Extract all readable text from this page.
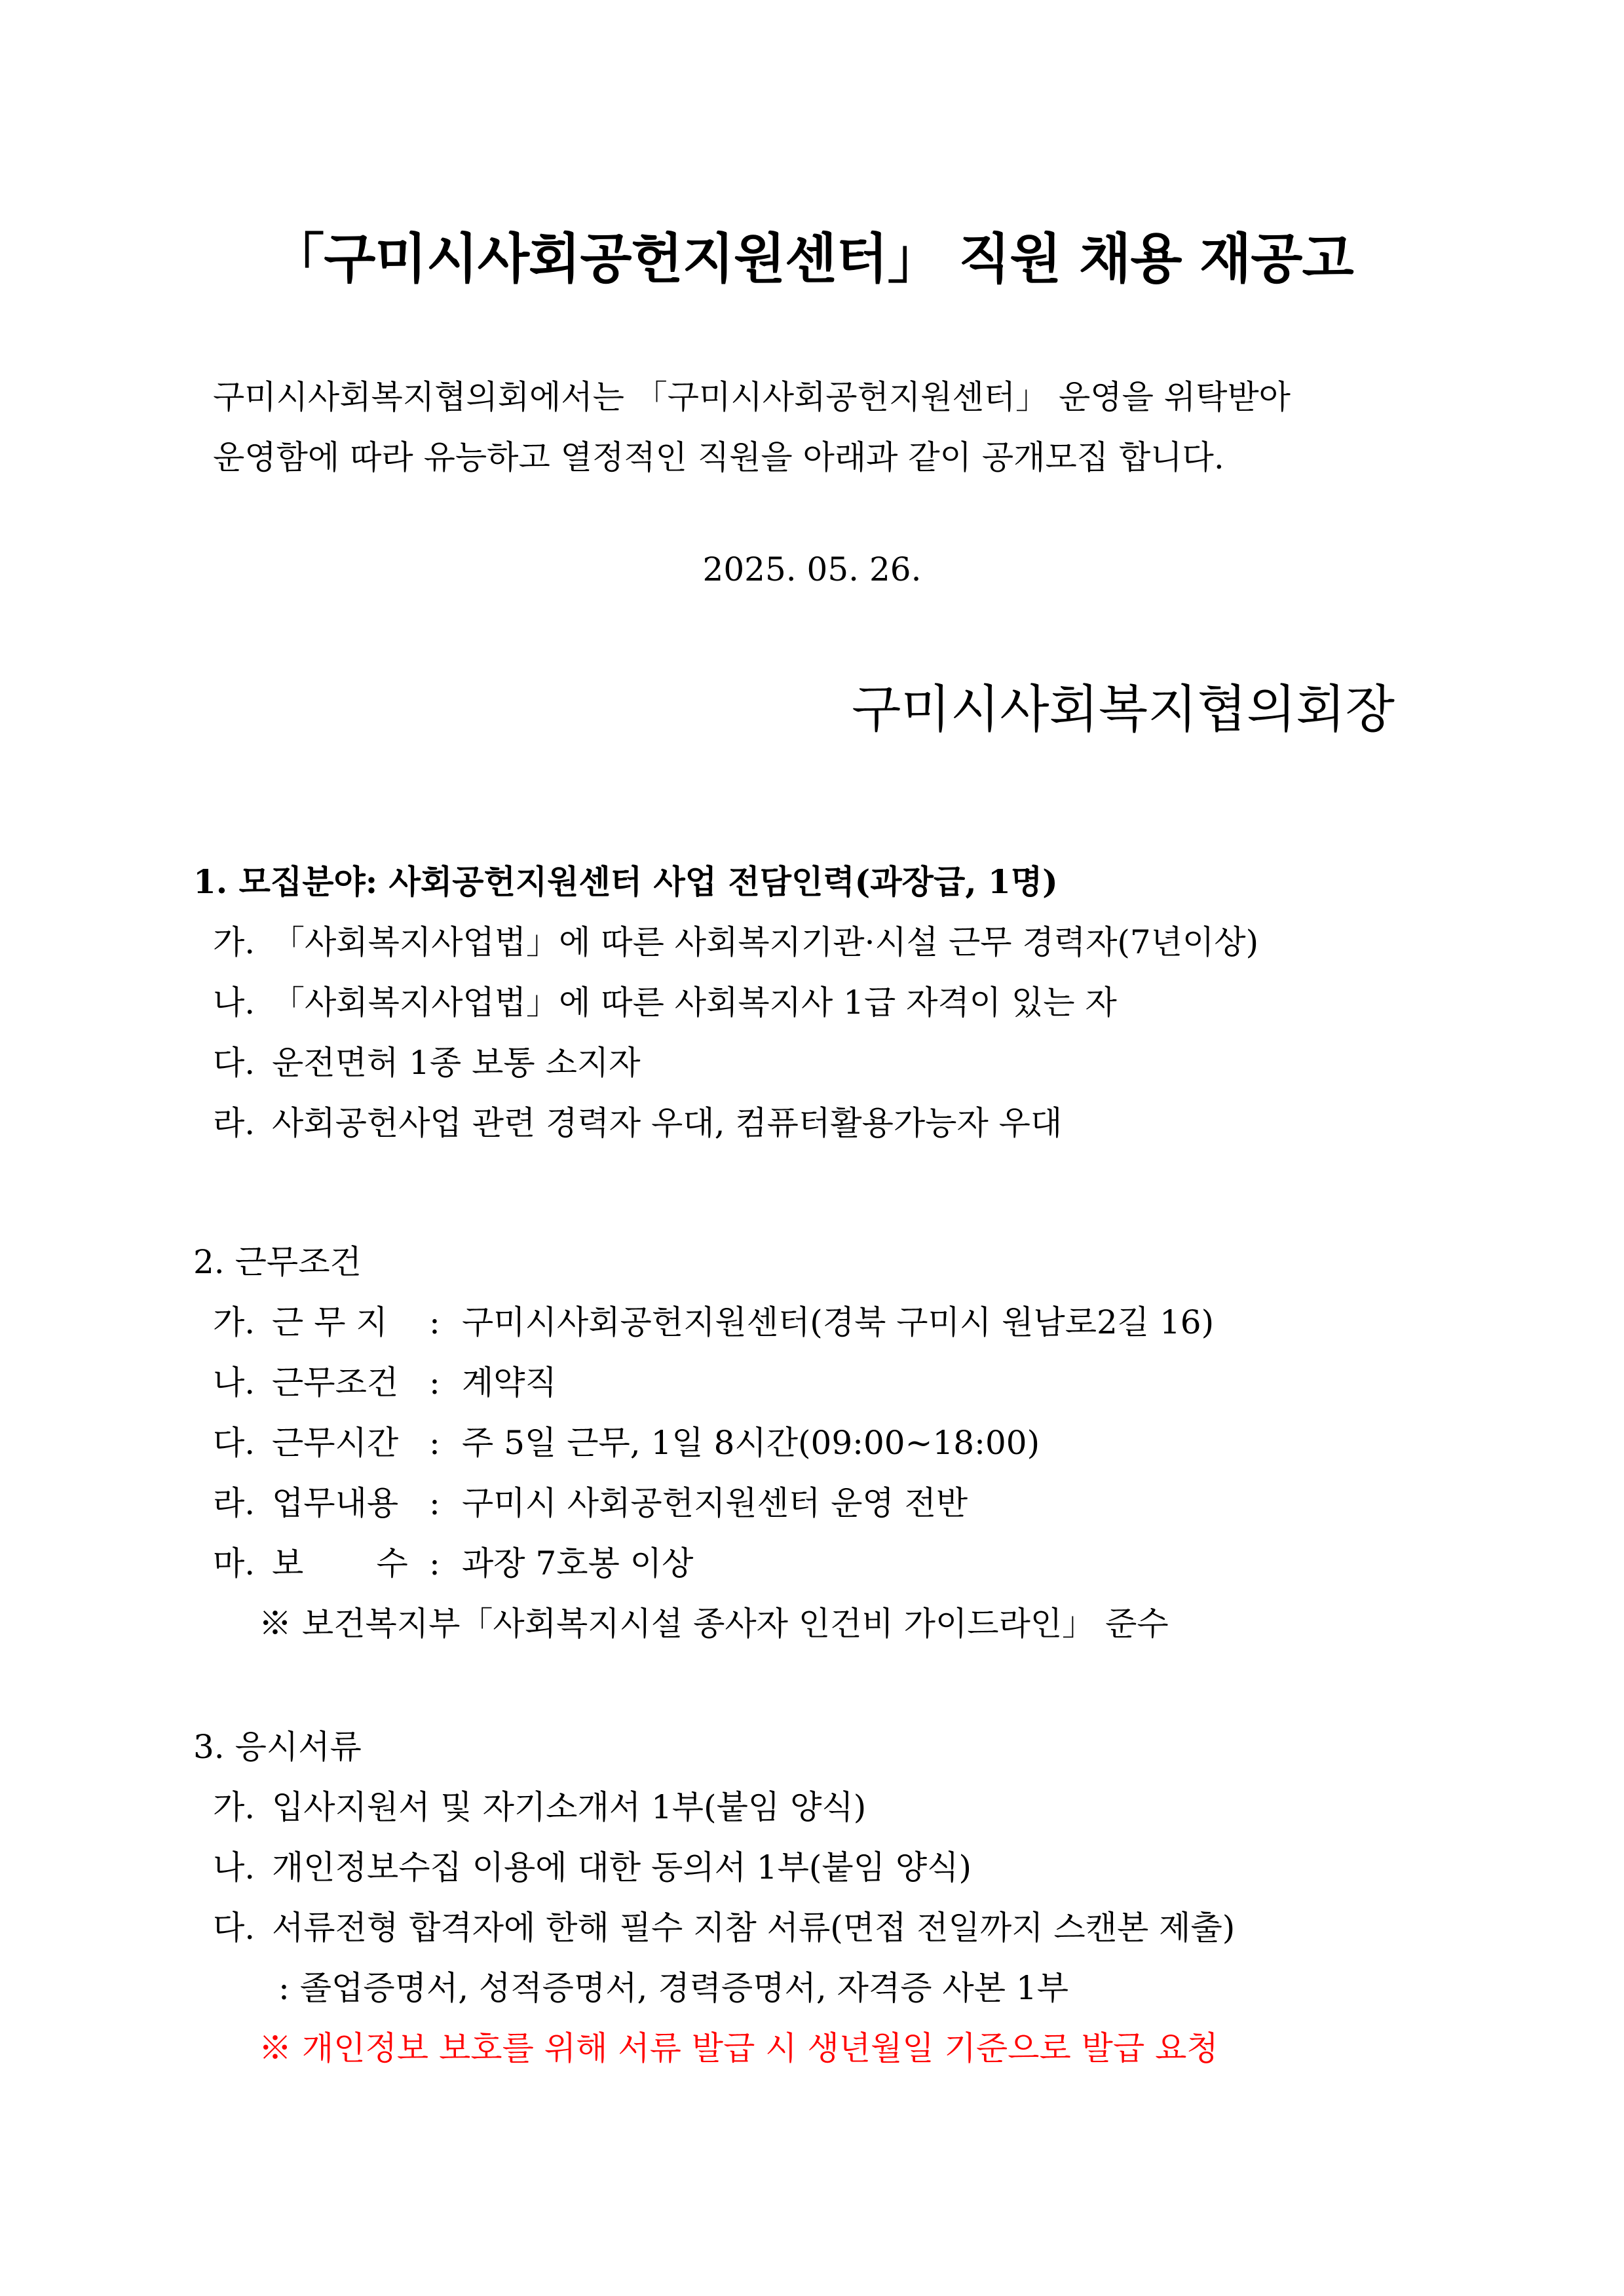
「구미시사회공헌지원센터」 직원 채용 재공고
구미시사회복지협의회에서는 「구미시사회공헌지원센터」 운영을 위탁받아
운영함에 따라 유능하고 열정적인 직원을 아래과 같이 공개모집 합니다.
2025. 05. 26.
구미시사회복지협의회장
1. 모집분야: 사회공헌지원센터 사업 전담인력(과장급, 1명)
가. 「사회복지사업법」에 따른 사회복지기관·시설 근무 경력자(7년이상)
나. 「사회복지사업법」에 따른 사회복지사 1급 자격이 있는 자
다. 운전면허 1종 보통 소지자
라. 사회공헌사업 관련 경력자 우대, 컴퓨터활용가능자 우대
2. 근무조건
가. 근 무 지	: 구미시사회공헌지원센터(경북 구미시 원남로2길 16)
나. 근무조건 : 계약직
다. 근무시간 : 주 5일 근무, 1일 8시간(09:00~18:00)
라. 업무내용 : 구미시 사회공헌지원센터 운영 전반
마. 보       수 : 과장 7호봉 이상
※ 보건복지부「사회복지시설 종사자 인건비 가이드라인」 준수
3. 응시서류
가. 입사지원서 및 자기소개서 1부(붙임 양식)
나. 개인정보수집 이용에 대한 동의서 1부(붙임 양식)
다. 서류전형 합격자에 한해 필수 지참 서류(면접 전일까지 스캔본 제출)
: 졸업증명서, 성적증명서, 경력증명서, 자격증 사본 1부
※ 개인정보 보호를 위해 서류 발급 시 생년월일 기준으로 발급 요청
